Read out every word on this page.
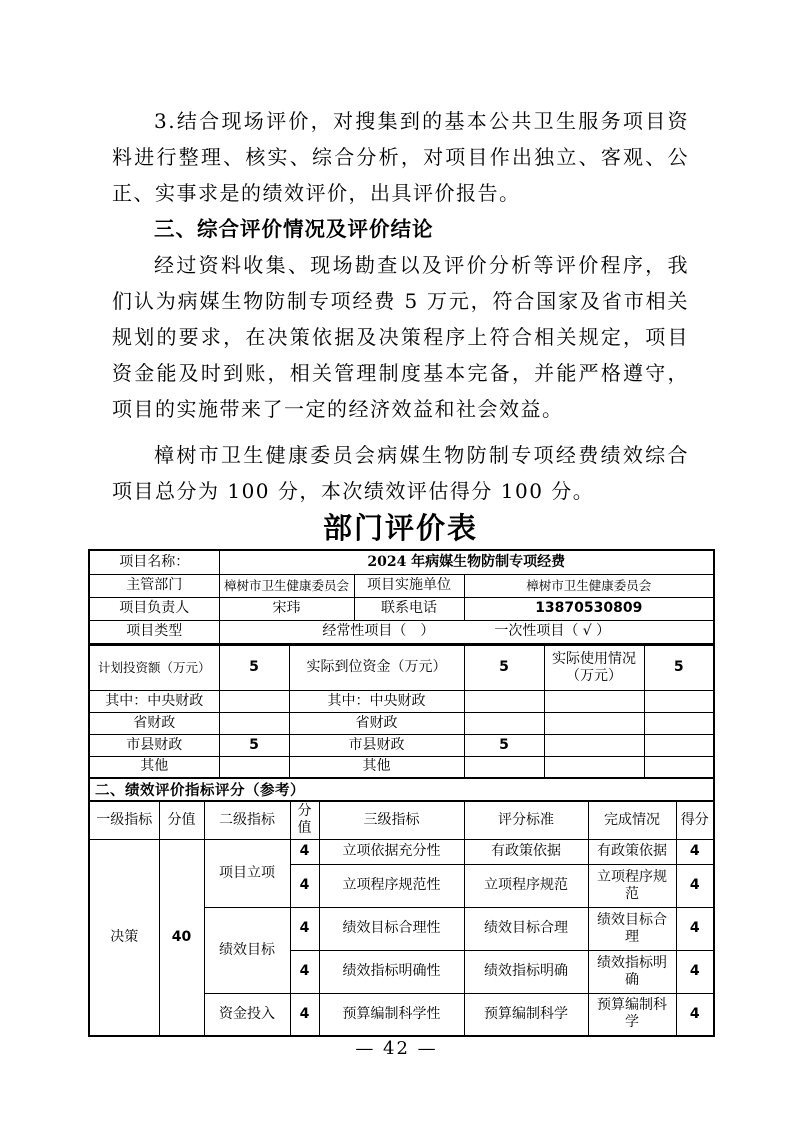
3.结合现场评价，对搜集到的基本公共卫生服务项目资料进行整理、核实、综合分析，对项目作出独立、客观、公正、实事求是的绩效评价，出具评价报告。

三、综合评价情况及评价结论

经过资料收集、现场勘查以及评价分析等评价程序，我们认为病媒生物防制专项经费 5 万元，符合国家及省市相关规划的要求，在决策依据及决策程序上符合相关规定，项目资金能及时到账，相关管理制度基本完备，并能严格遵守，项目的实施带来了一定的经济效益和社会效益。

樟树市卫生健康委员会病媒生物防制专项经费绩效综合项目总分为 100 分，本次绩效评估得分 100 分。

部门评价表
项目名称：	2024 年病媒生物防制专项经费		
主管部门	樟树市卫生健康委员会	项目实施单位	樟树市卫生健康委员会
项目负责人	宋玮	联系电话	13870530809
项目类型	经常性项目（　） 一次性项目（ √ ）		
计划投资额（万元）	5	实际到位资金（万元）	5	实际使用情况（万元）	5
其中：中央财政		其中：中央财政			
省财政		省财政			
市县财政	5	市县财政	5		
其他		其他			
二、绩效评价指标评分（参考）
一级指标	分值	二级指标	分值	三级指标	评分标准	完成情况	得分
决策	40	项目立项	4	立项依据充分性	有政策依据	有政策依据	4
			4	立项程序规范性	立项程序规范	立项程序规范	4
		绩效目标	4	绩效目标合理性	绩效目标合理	绩效目标合理	4
			4	绩效指标明确性	绩效指标明确	绩效指标明确	4
		资金投入	4	预算编制科学性	预算编制科学	预算编制科学	4
— 42 —
